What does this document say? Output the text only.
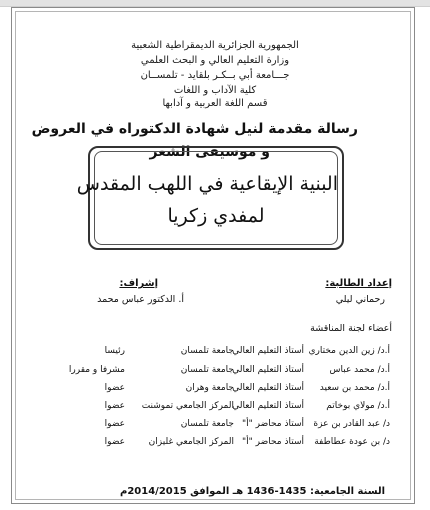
الجمهورية الجزائرية الديمقراطية الشعبية
وزارة التعليم العالي و البحث العلمي
جـــامعة أبي بــكـر بلقايد - تلمســان
كلية الآداب و اللغات
قسم اللغة العربية و آدابها
رسالة مقدمة لنيل شهادة الدكتوراه في العروض
و موسيقى الشعر
البنية الإيقاعية في اللهب المقدس
لمفدي زكريا
إعداد الطالبة:
رحماني ليلي
إشراف:
أ. الدكتور عباس محمد
أعضاء لجنة المناقشة
أ.د/ زين الدين مختاري
أستاذ التعليم العالي
جامعة تلمسان
رئيسا
أ.د/ محمد عباس
أستاذ التعليم العالي
جامعة تلمسان
مشرفا و مقررا
أ.د/ محمد بن سعيد
أستاذ التعليم العالي
جامعة وهران
عضوا
أ.د/ مولاي بوخاتم
أستاذ التعليم العالي
المركز الجامعي تموشنت
عضوا
د/ عبد القادر بن عزة
أستاذ محاضر "أ"
جامعة تلمسان
عضوا
د/ بن عودة عطاطفة
أستاذ محاضر "أ"
المركز الجامعي غليزان
عضوا
السنة الجامعية: 1435-1436 هـ الموافق 2014/2015م
